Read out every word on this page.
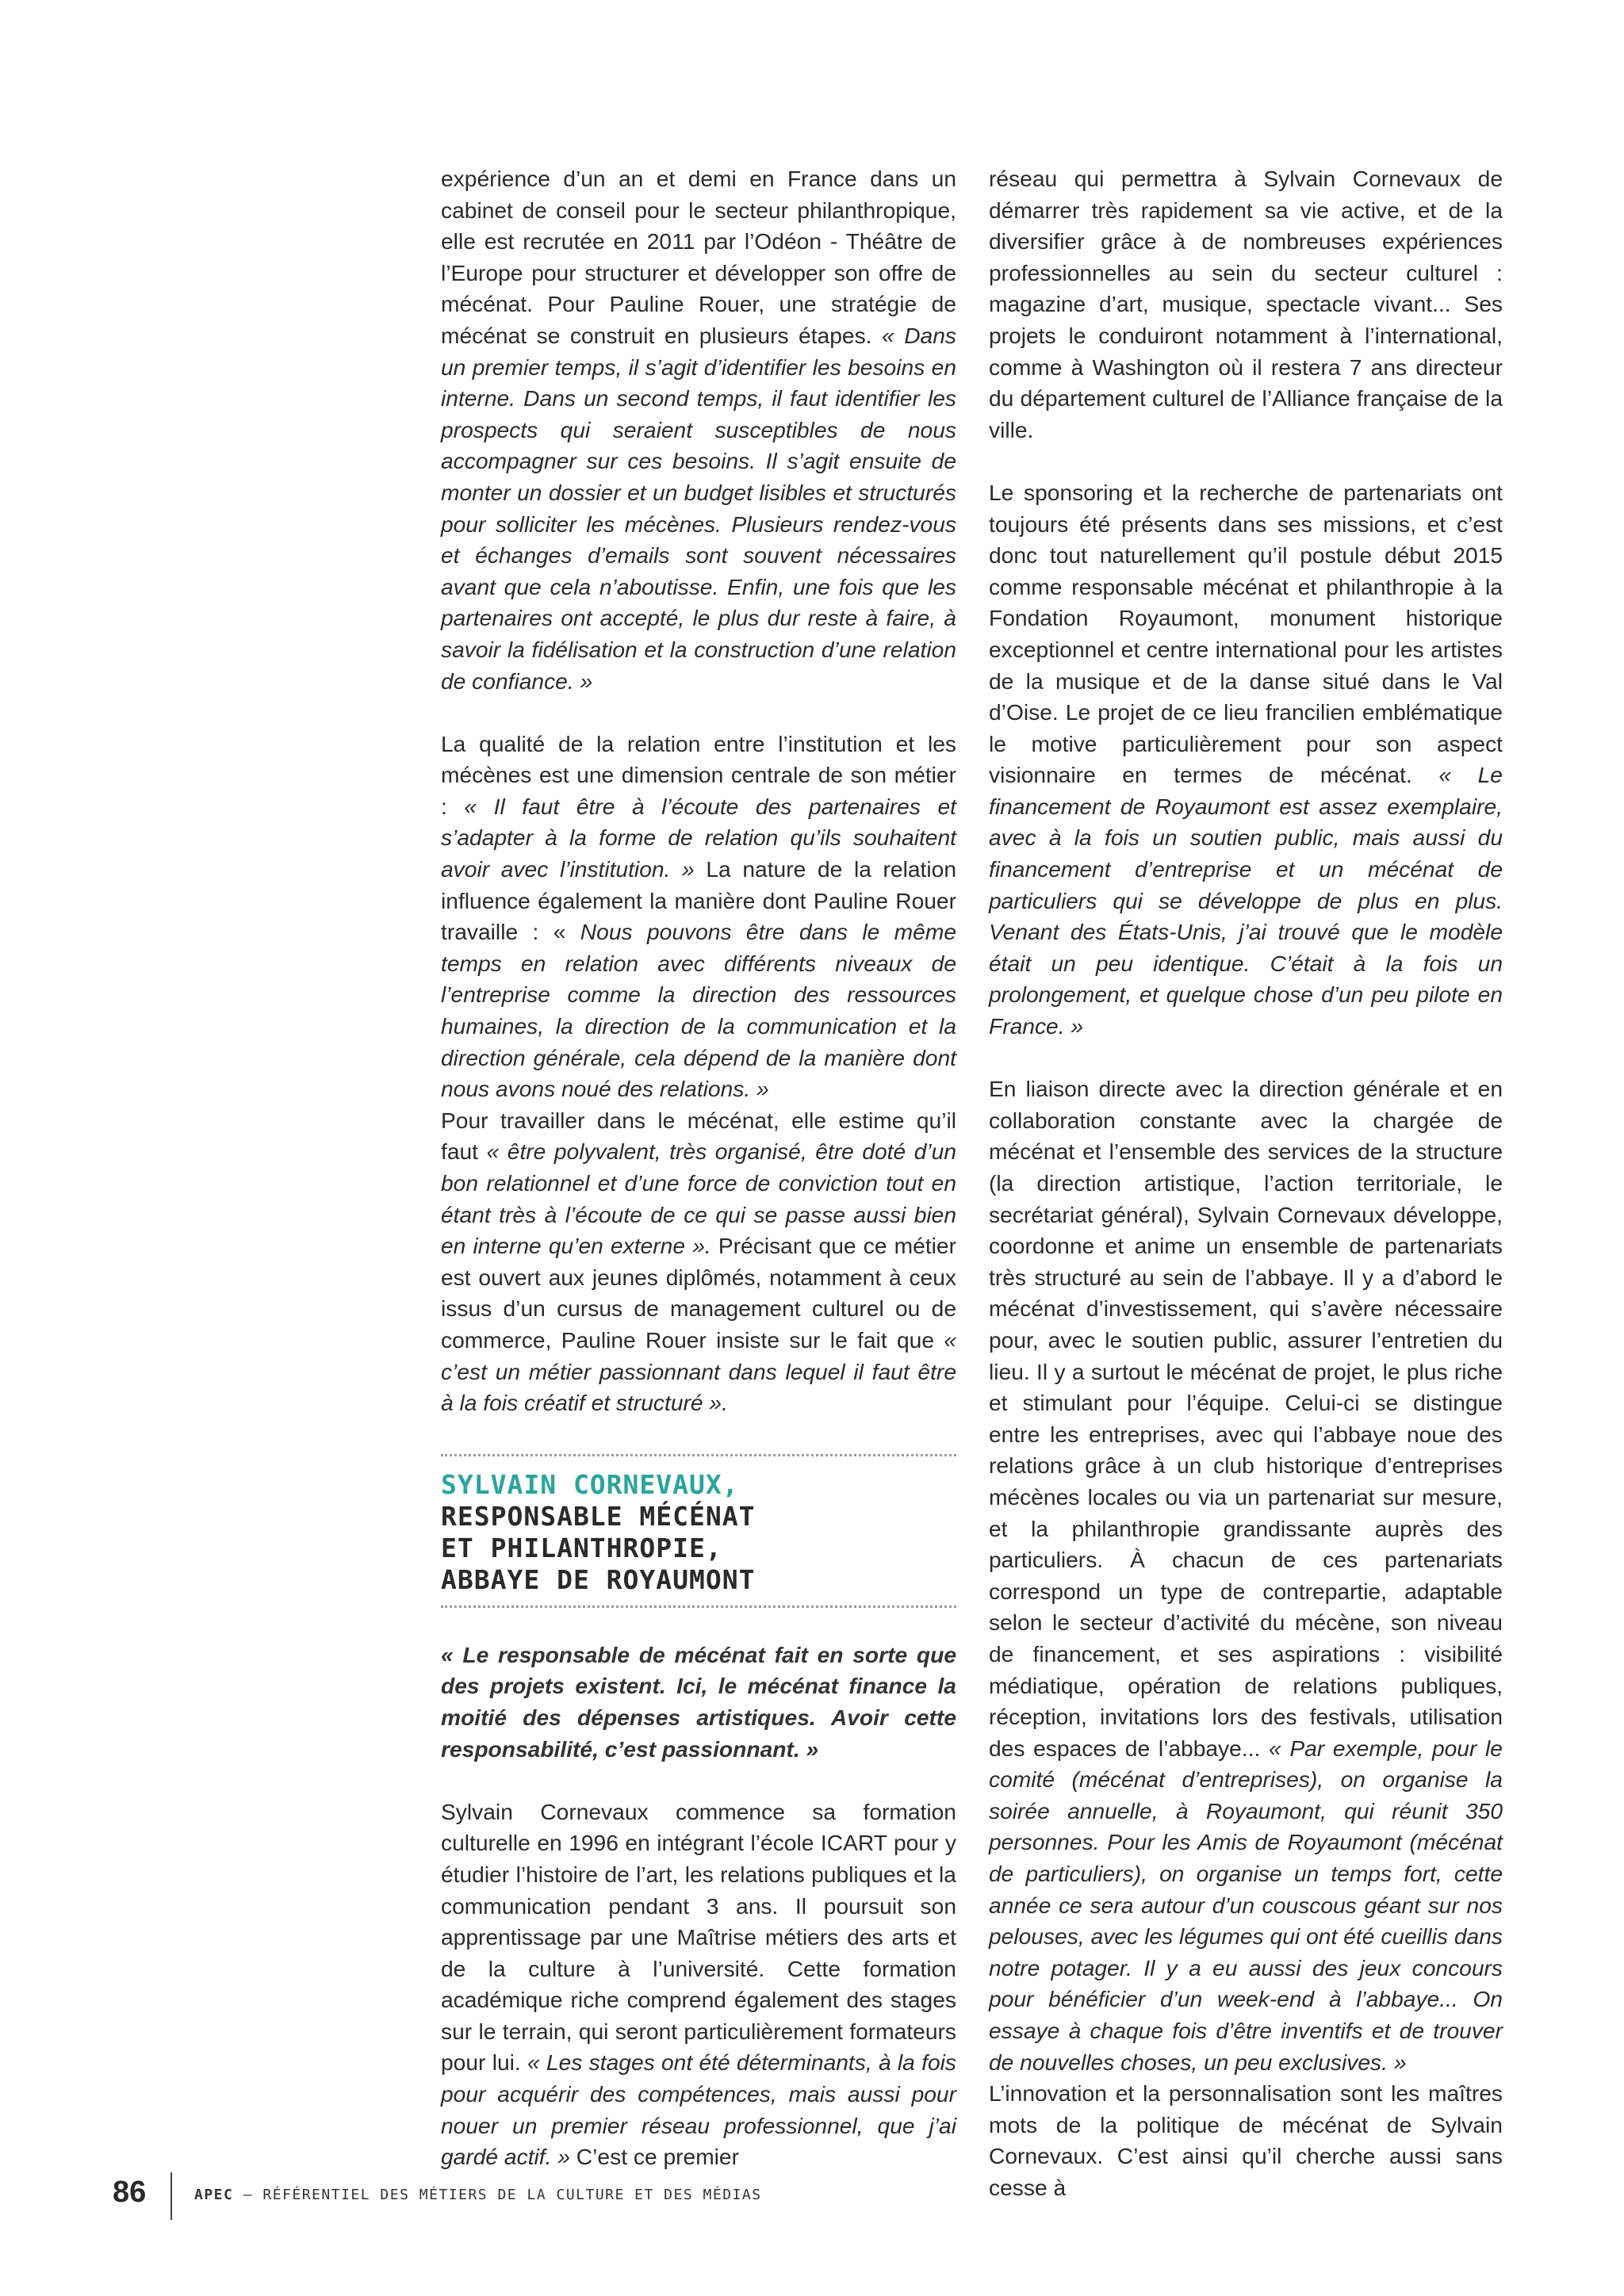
expérience d’un an et demi en France dans un cabinet de conseil pour le secteur philanthropique, elle est recrutée en 2011 par l’Odéon - Théâtre de l’Europe pour structurer et développer son offre de mécénat. Pour Pauline Rouer, une stratégie de mécénat se construit en plusieurs étapes. « Dans un premier temps, il s’agit d’identifier les besoins en interne. Dans un second temps, il faut identifier les prospects qui seraient susceptibles de nous accompagner sur ces besoins. Il s’agit ensuite de monter un dossier et un budget lisibles et structurés pour solliciter les mécènes. Plusieurs rendez-vous et échanges d’emails sont souvent nécessaires avant que cela n’aboutisse. Enfin, une fois que les partenaires ont accepté, le plus dur reste à faire, à savoir la fidélisation et la construction d’une relation de confiance. »

La qualité de la relation entre l’institution et les mécènes est une dimension centrale de son métier : « Il faut être à l’écoute des partenaires et s’adapter à la forme de relation qu’ils souhaitent avoir avec l’institution. » La nature de la relation influence également la manière dont Pauline Rouer travaille : « Nous pouvons être dans le même temps en relation avec différents niveaux de l’entreprise comme la direction des ressources humaines, la direction de la communication et la direction générale, cela dépend de la manière dont nous avons noué des relations. »

Pour travailler dans le mécénat, elle estime qu’il faut « être polyvalent, très organisé, être doté d’un bon relationnel et d’une force de conviction tout en étant très à l’écoute de ce qui se passe aussi bien en interne qu’en externe ». Précisant que ce métier est ouvert aux jeunes diplômés, notamment à ceux issus d’un cursus de management culturel ou de commerce, Pauline Rouer insiste sur le fait que « c’est un métier passionnant dans lequel il faut être à la fois créatif et structuré ».

SYLVAIN CORNEVAUX,
RESPONSABLE MÉCÉNAT
ET PHILANTHROPIE,
ABBAYE DE ROYAUMONT

« Le responsable de mécénat fait en sorte que des projets existent. Ici, le mécénat finance la moitié des dépenses artistiques. Avoir cette responsabilité, c’est passionnant. »

Sylvain Cornevaux commence sa formation culturelle en 1996 en intégrant l’école ICART pour y étudier l’histoire de l’art, les relations publiques et la communication pendant 3 ans. Il poursuit son apprentissage par une Maîtrise métiers des arts et de la culture à l’université. Cette formation académique riche comprend également des stages sur le terrain, qui seront particulièrement formateurs pour lui. « Les stages ont été déterminants, à la fois pour acquérir des compétences, mais aussi pour nouer un premier réseau professionnel, que j’ai gardé actif. » C’est ce premier

réseau qui permettra à Sylvain Cornevaux de démarrer très rapidement sa vie active, et de la diversifier grâce à de nombreuses expériences professionnelles au sein du secteur culturel : magazine d’art, musique, spectacle vivant... Ses projets le conduiront notamment à l’international, comme à Washington où il restera 7 ans directeur du département culturel de l’Alliance française de la ville.

Le sponsoring et la recherche de partenariats ont toujours été présents dans ses missions, et c’est donc tout naturellement qu’il postule début 2015 comme responsable mécénat et philanthropie à la Fondation Royaumont, monument historique exceptionnel et centre international pour les artistes de la musique et de la danse situé dans le Val d’Oise. Le projet de ce lieu francilien emblématique le motive particulièrement pour son aspect visionnaire en termes de mécénat. « Le financement de Royaumont est assez exemplaire, avec à la fois un soutien public, mais aussi du financement d’entreprise et un mécénat de particuliers qui se développe de plus en plus. Venant des États-Unis, j’ai trouvé que le modèle était un peu identique. C’était à la fois un prolongement, et quelque chose d’un peu pilote en France. »

En liaison directe avec la direction générale et en collaboration constante avec la chargée de mécénat et l’ensemble des services de la structure (la direction artistique, l’action territoriale, le secrétariat général), Sylvain Cornevaux développe, coordonne et anime un ensemble de partenariats très structuré au sein de l’abbaye. Il y a d’abord le mécénat d’investissement, qui s’avère nécessaire pour, avec le soutien public, assurer l’entretien du lieu. Il y a surtout le mécénat de projet, le plus riche et stimulant pour l’équipe. Celui-ci se distingue entre les entreprises, avec qui l’abbaye noue des relations grâce à un club historique d’entreprises mécènes locales ou via un partenariat sur mesure, et la philanthropie grandissante auprès des particuliers. À chacun de ces partenariats correspond un type de contrepartie, adaptable selon le secteur d’activité du mécène, son niveau de financement, et ses aspirations : visibilité médiatique, opération de relations publiques, réception, invitations lors des festivals, utilisation des espaces de l’abbaye... « Par exemple, pour le comité (mécénat d’entreprises), on organise la soirée annuelle, à Royaumont, qui réunit 350 personnes. Pour les Amis de Royaumont (mécénat de particuliers), on organise un temps fort, cette année ce sera autour d’un couscous géant sur nos pelouses, avec les légumes qui ont été cueillis dans notre potager. Il y a eu aussi des jeux concours pour bénéficier d’un week-end à l’abbaye... On essaye à chaque fois d’être inventifs et de trouver de nouvelles choses, un peu exclusives. »

L’innovation et la personnalisation sont les maîtres mots de la politique de mécénat de Sylvain Cornevaux. C’est ainsi qu’il cherche aussi sans cesse à

86	APEC – RÉFÉRENTIEL DES MÉTIERS DE LA CULTURE ET DES MÉDIAS
